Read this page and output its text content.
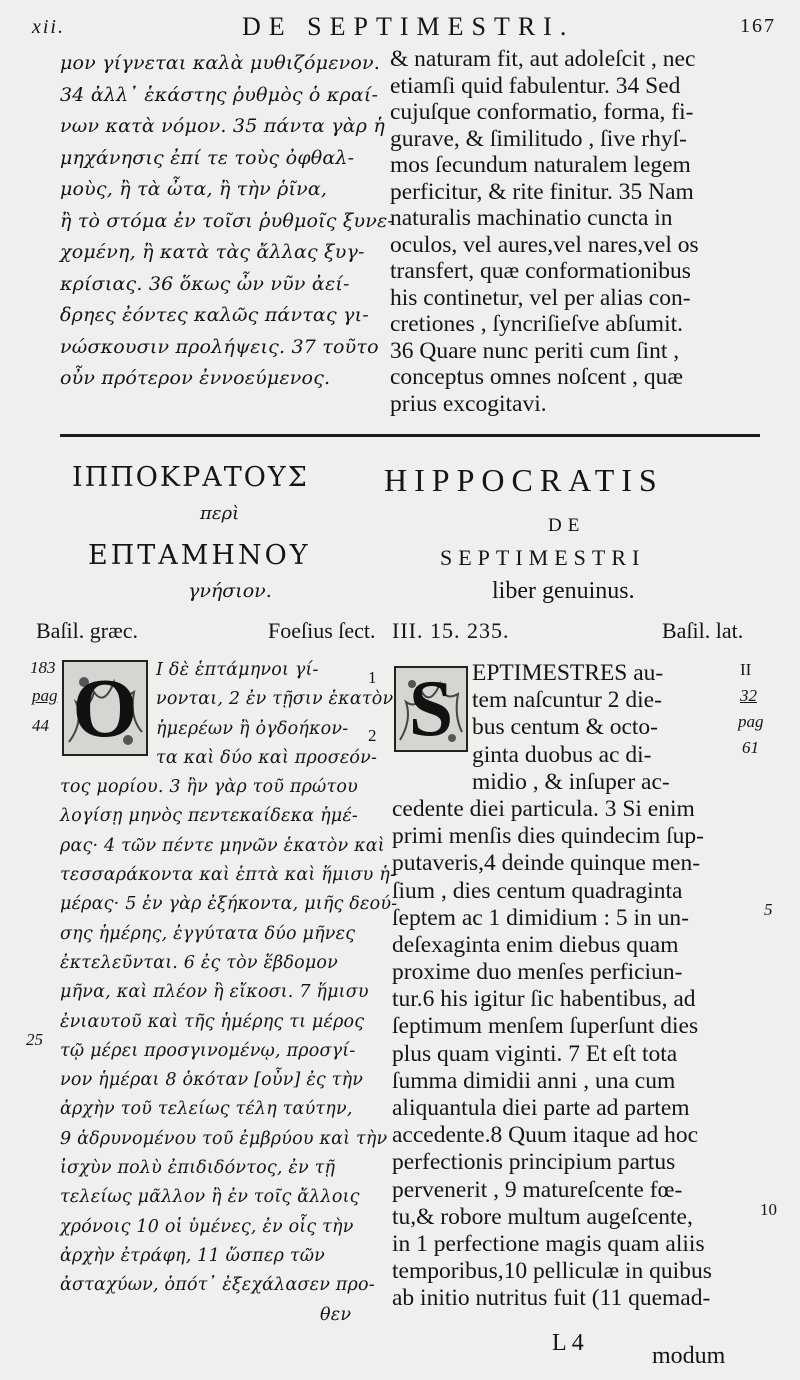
xii.	DE SEPTIMESTRI.	167
μον γίγνεται καλὰ μυθιζόμενον.
34 ἀλλ᾽ ἑκάστης ῥυθμὸς ὁ κραί-
νων κατὰ νόμον. 35 πάντα γὰρ ἡ
μηχάνησις ἐπί τε τοὺς ὀφθαλ-
μοὺς, ἢ τὰ ὦτα, ἢ τὴν ῥῖνα,
ἢ τὸ στόμα ἐν τοῖσι ῥυθμοῖς ξυνε-
χομένη, ἢ κατὰ τὰς ἄλλας ξυγ-
κρίσιας. 36 ὅκως ὦν νῦν ἀεί-
δρηες ἐόντες καλῶς πάντας γι-
νώσκουσιν προλήψεις. 37 τοῦτο
οὖν πρότερον ἐννοεύμενος.
& naturam fit, aut adoleſcit , nec
etiamſi quid fabulentur. 34 Sed
cujuſque conformatio, forma, fi-
gurave, & ſimilitudo , ſive rhyſ-
mos ſecundum naturalem legem
perficitur, & rite finitur. 35 Nam
naturalis machinatio cuncta in
oculos, vel aures,vel nares,vel os
transfert, quæ conformationibus
his continetur, vel per alias con-
cretiones , ſyncriſieſve abſumit.
36 Quare nunc periti cum ſint ,
conceptus omnes noſcent , quæ
prius excogitavi.
ΙΠΠΟΚΡΑΤΟΥΣ
περὶ
ΕΠΤΑΜΗΝΟΥ
γνήσιον.
HIPPOCRATIS
DE
SEPTIMESTRI
liber genuinus.
Baſil. græc.	Foeſius ſect. III. 15. 235.	Baſil. lat.
183
pag
44
25
1
2
II
32
pag
61
5
10
O	S
Ι δὲ ἑπτάμηνοι γί-
νονται, 2 ἐν τῇσιν ἑκατὸν
ἡμερέων ἢ ὀγδοήκον-
τα καὶ δύο καὶ προσεόν-
τος μορίου. 3 ἢν γὰρ τοῦ πρώτου
λογίσῃ μηνὸς πεντεκαίδεκα ἡμέ-
ρας· 4 τῶν πέντε μηνῶν ἑκατὸν καὶ
τεσσαράκοντα καὶ ἑπτὰ καὶ ἥμισυ ἡ-
μέρας· 5 ἐν γὰρ ἐξήκοντα, μιῆς δεού-
σης ἡμέρης, ἐγγύτατα δύο μῆνες
ἐκτελεῦνται. 6 ἐς τὸν ἕβδομον
μῆνα, καὶ πλέον ἢ εἴκοσι. 7 ἥμισυ
ἐνιαυτοῦ καὶ τῆς ἡμέρης τι μέρος
τῷ μέρει προσγινομένῳ, προσγί-
νον ἡμέραι 8 ὁκόταν [οὖν] ἐς τὴν
ἀρχὴν τοῦ τελείως τέλη ταύτην,
9 ἁδρυνομένου τοῦ ἐμβρύου καὶ τὴν
ἰσχὺν πολὺ ἐπιδιδόντος, ἐν τῇ
τελείως μᾶλλον ἢ ἐν τοῖς ἄλλοις
χρόνοις 10 οἱ ὑμένες, ἐν οἷς τὴν
ἀρχὴν ἐτράφη, 11 ὥσπερ τῶν
ἀσταχύων, ὁπότ᾽ ἐξεχάλασεν προ-
θεν
EPTIMESTRES au-
tem naſcuntur 2 die-
bus centum & octo-
ginta duobus ac di-
midio , & inſuper ac-
cedente diei particula. 3 Si enim
primi menſis dies quindecim ſup-
putaveris,4 deinde quinque men-
ſium , dies centum quadraginta
ſeptem ac 1 dimidium : 5 in un-
deſexaginta enim diebus quam
proxime duo menſes perficiun-
tur.6 his igitur ſic habentibus, ad
ſeptimum menſem ſuperſunt dies
plus quam viginti. 7 Et eſt tota
ſumma dimidii anni , una cum
aliquantula diei parte ad partem
accedente.8 Quum itaque ad hoc
perfectionis principium partus
pervenerit , 9 matureſcente fœ-
tu,& robore multum augeſcente,
in 1 perfectione magis quam aliis
temporibus,10 pelliculæ in quibus
ab initio nutritus fuit (11 quemad-
L 4	modum
